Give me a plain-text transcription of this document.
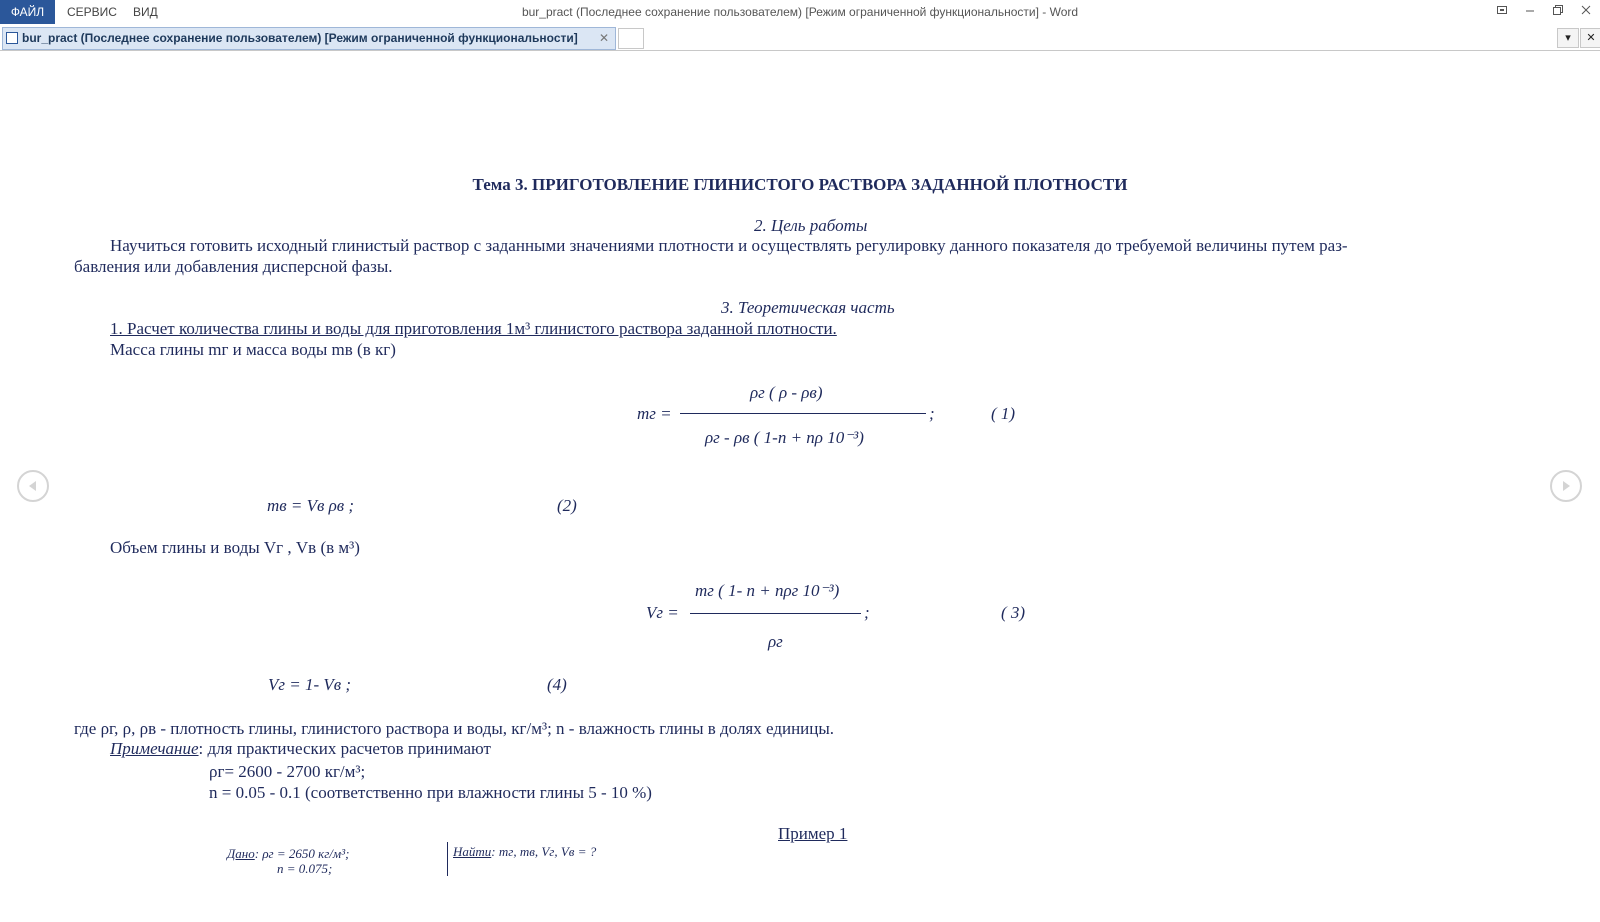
ФАЙЛ	СЕРВИС ВИД	bur_pract (Последнее сохранение пользователем) [Режим ограниченной функциональности] - Word
bur_pract (Последнее сохранение пользователем) [Режим ограниченной функциональности] ✕	▾	✕
Тема 3. ПРИГОТОВЛЕНИЕ ГЛИНИСТОГО РАСТВОРА ЗАДАННОЙ ПЛОТНОСТИ
2. Цель работы
Научиться готовить исходный глинистый раствор с заданными значениями плотности и осуществлять регулировку данного показателя до требуемой величины путем раз-
бавления или добавления дисперсной фазы.
3. Теоретическая часть
1. Расчет количества глины и воды для приготовления 1м³ глинистого раствора заданной плотности.
Масса глины mг и масса воды mв (в кг)
mг =
ρг ( ρ - ρв)
ρг - ρв ( 1-n + nρ 10⁻³)
;	( 1)
mв = Vв ρв ;	(2)
Объем глины и воды Vг , Vв (в м³)
Vг =
mг ( 1- n + nρг 10⁻³)
ρг
;	( 3)
Vг = 1- Vв ;	(4)
где ρг, ρ, ρв - плотность глины, глинистого раствора и воды, кг/м³; n - влажность глины в долях единицы.
Примечание: для практических расчетов принимают
ρг= 2600 - 2700 кг/м³;
n = 0.05 - 0.1 (соответственно при влажности глины 5 - 10 %)
Пример 1
Дано: ρг = 2650 кг/м³;
n = 0.075;
Найти: mг, mв, Vг, Vв = ?
